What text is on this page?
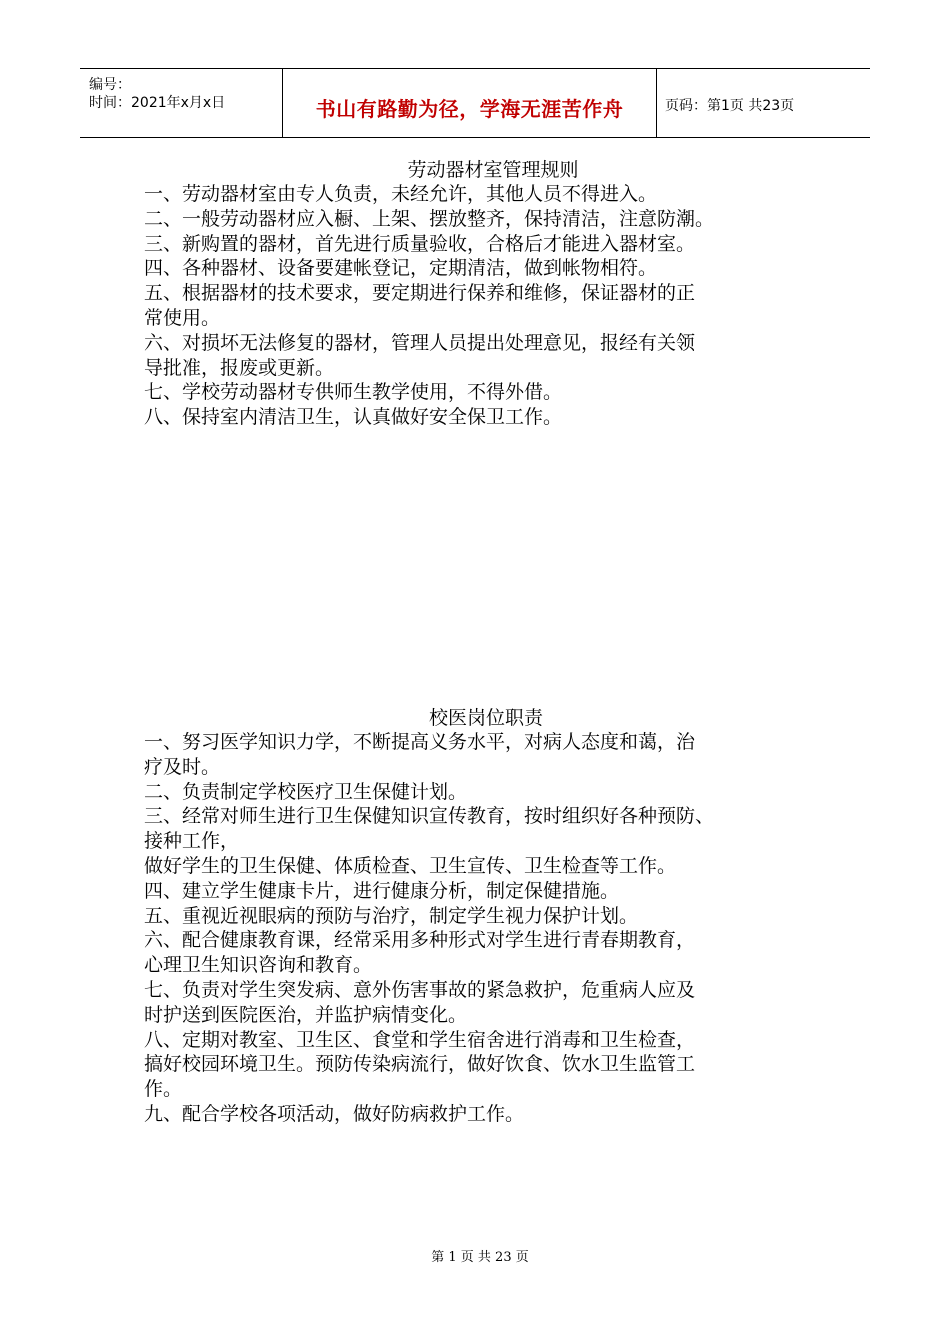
编号：
时间：2021年x月x日	书山有路勤为径，学海无涯苦作舟	页码：第1页 共23页
劳动器材室管理规则
一、劳动器材室由专人负责，未经允许，其他人员不得进入。
二、一般劳动器材应入橱、上架、摆放整齐，保持清洁，注意防潮。
三、新购置的器材，首先进行质量验收，合格后才能进入器材室。
四、各种器材、设备要建帐登记，定期清洁，做到帐物相符。
五、根据器材的技术要求，要定期进行保养和维修，保证器材的正
常使用。
六、对损坏无法修复的器材，管理人员提出处理意见，报经有关领
导批准，报废或更新。
七、学校劳动器材专供师生教学使用，不得外借。
八、保持室内清洁卫生，认真做好安全保卫工作。
校医岗位职责
一、努习医学知识力学，不断提高义务水平，对病人态度和蔼，治
疗及时。
二、负责制定学校医疗卫生保健计划。
三、经常对师生进行卫生保健知识宣传教育，按时组织好各种预防、
接种工作，
做好学生的卫生保健、体质检查、卫生宣传、卫生检查等工作。
四、建立学生健康卡片，进行健康分析，制定保健措施。
五、重视近视眼病的预防与治疗，制定学生视力保护计划。
六、配合健康教育课，经常采用多种形式对学生进行青春期教育，
心理卫生知识咨询和教育。
七、负责对学生突发病、意外伤害事故的紧急救护，危重病人应及
时护送到医院医治，并监护病情变化。
八、定期对教室、卫生区、食堂和学生宿舍进行消毒和卫生检查，
搞好校园环境卫生。预防传染病流行，做好饮食、饮水卫生监管工
作。
九、配合学校各项活动，做好防病救护工作。
第 1 页 共 23 页
